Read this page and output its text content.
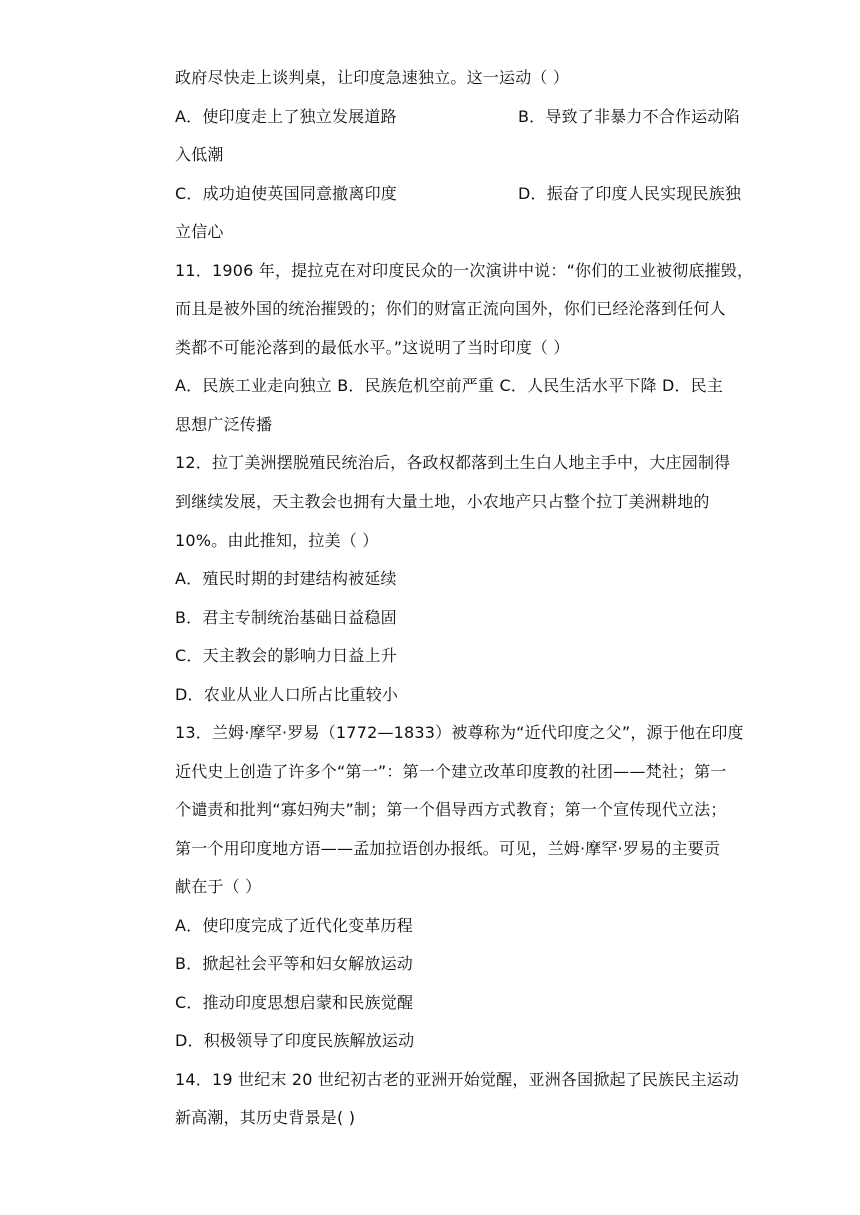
政府尽快走上谈判桌，让印度急速独立。这一运动（ ）
A．使印度走上了独立发展道路	B．导致了非暴力不合作运动陷
入低潮
C．成功迫使英国同意撤离印度	D．振奋了印度人民实现民族独
立信心
11．1906 年，提拉克在对印度民众的一次演讲中说：“你们的工业被彻底摧毁，
而且是被外国的统治摧毁的；你们的财富正流向国外，你们已经沦落到任何人
类都不可能沦落到的最低水平。”这说明了当时印度（ ）
A．民族工业走向独立 B．民族危机空前严重 C．人民生活水平下降 D．民主
思想广泛传播
12．拉丁美洲摆脱殖民统治后，各政权都落到土生白人地主手中，大庄园制得
到继续发展，天主教会也拥有大量土地，小农地产只占整个拉丁美洲耕地的
10%。由此推知，拉美（ ）
A．殖民时期的封建结构被延续
B．君主专制统治基础日益稳固
C．天主教会的影响力日益上升
D．农业从业人口所占比重较小
13．兰姆·摩罕·罗易（1772—1833）被尊称为“近代印度之父”，源于他在印度
近代史上创造了许多个“第一”：第一个建立改革印度教的社团——梵社；第一
个谴责和批判“寡妇殉夫”制；第一个倡导西方式教育；第一个宣传现代立法；
第一个用印度地方语——孟加拉语创办报纸。可见，兰姆·摩罕·罗易的主要贡
献在于（ ）
A．使印度完成了近代化变革历程
B．掀起社会平等和妇女解放运动
C．推动印度思想启蒙和民族觉醒
D．积极领导了印度民族解放运动
14．19 世纪末 20 世纪初古老的亚洲开始觉醒，亚洲各国掀起了民族民主运动
新高潮，其历史背景是( )
